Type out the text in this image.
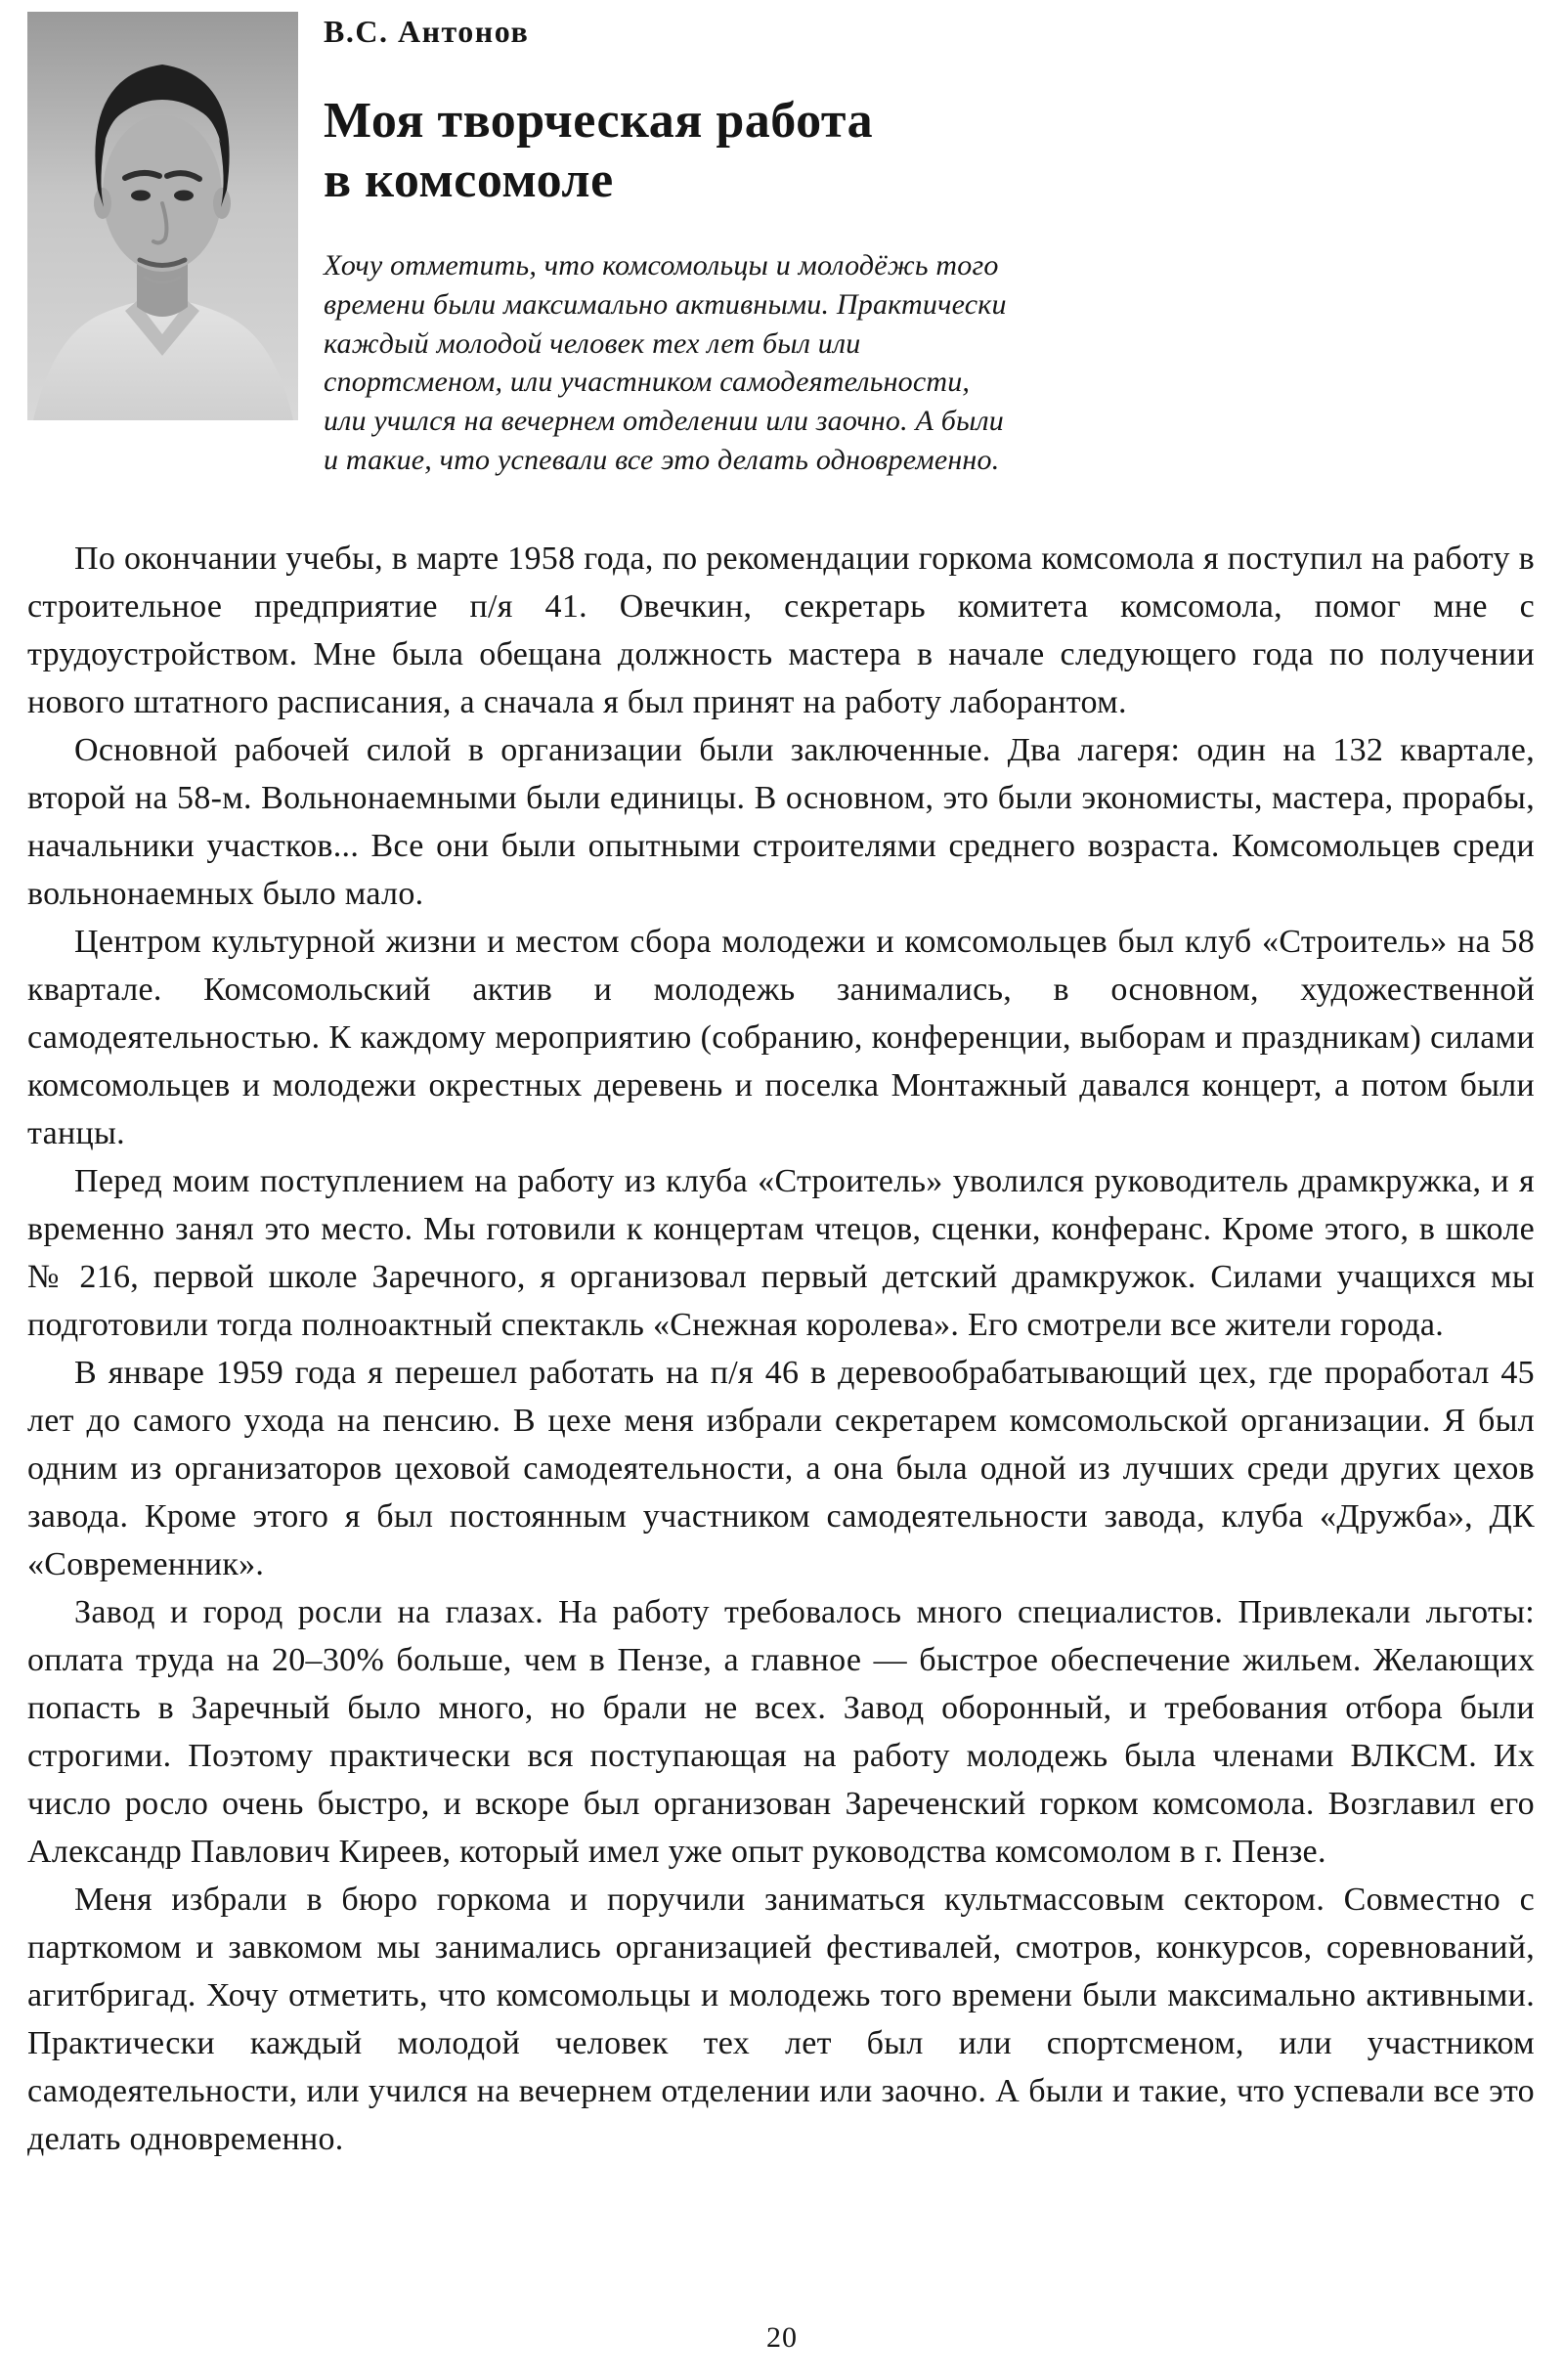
В.С. Антонов

Моя творческая работа
в комсомоле
Хочу отметить, что комсомольцы и молодёжь того времени были максимально активными. Практически каждый молодой человек тех лет был или спортсменом, или участником самодеятельности, или учился на вечернем отделении или заочно. А были и такие, что успевали все это делать одновременно.

По окончании учебы, в марте 1958 года, по рекомендации горкома комсомола я поступил на работу в строительное предприятие п/я 41. Овечкин, секретарь комитета комсомола, помог мне с трудоустройством. Мне была обещана должность мастера в начале следующего года по получении нового штатного расписания, а сначала я был принят на работу лаборантом.

Основной рабочей силой в организации были заключенные. Два лагеря: один на 132 квартале, второй на 58-м. Вольнонаемными были единицы. В основном, это были экономисты, мастера, прорабы, начальники участков... Все они были опытными строителями среднего возраста. Комсомольцев среди вольнонаемных было мало.

Центром культурной жизни и местом сбора молодежи и комсомольцев был клуб «Строитель» на 58 квартале. Комсомольский актив и молодежь занимались, в основном, художественной самодеятельностью. К каждому мероприятию (собранию, конференции, выборам и праздникам) силами комсомольцев и молодежи окрестных деревень и поселка Монтажный давался концерт, а потом были танцы.

Перед моим поступлением на работу из клуба «Строитель» уволился руководитель драмкружка, и я временно занял это место. Мы готовили к концертам чтецов, сценки, конферанс. Кроме этого, в школе № 216, первой школе Заречного, я организовал первый детский драмкружок. Силами учащихся мы подготовили тогда полноактный спектакль «Снежная королева». Его смотрели все жители города.

В январе 1959 года я перешел работать на п/я 46 в деревообрабатывающий цех, где проработал 45 лет до самого ухода на пенсию. В цехе меня избрали секретарем комсомольской организации. Я был одним из организаторов цеховой самодеятельности, а она была одной из лучших среди других цехов завода. Кроме этого я был постоянным участником самодеятельности завода, клуба «Дружба», ДК «Современник».

Завод и город росли на глазах. На работу требовалось много специалистов. Привлекали льготы: оплата труда на 20–30% больше, чем в Пензе, а главное — быстрое обеспечение жильем. Желающих попасть в Заречный было много, но брали не всех. Завод оборонный, и требования отбора были строгими. Поэтому практически вся поступающая на работу молодежь была членами ВЛКСМ. Их число росло очень быстро, и вскоре был организован Зареченский горком комсомола. Возглавил его Александр Павлович Киреев, который имел уже опыт руководства комсомолом в г. Пензе.

Меня избрали в бюро горкома и поручили заниматься культмассовым сектором. Совместно с парткомом и завкомом мы занимались организацией фестивалей, смотров, конкурсов, соревнований, агитбригад. Хочу отметить, что комсомольцы и молодежь того времени были максимально активными. Практически каждый молодой человек тех лет был или спортсменом, или участником самодеятельности, или учился на вечернем отделении или заочно. А были и такие, что успевали все это делать одновременно.

20
